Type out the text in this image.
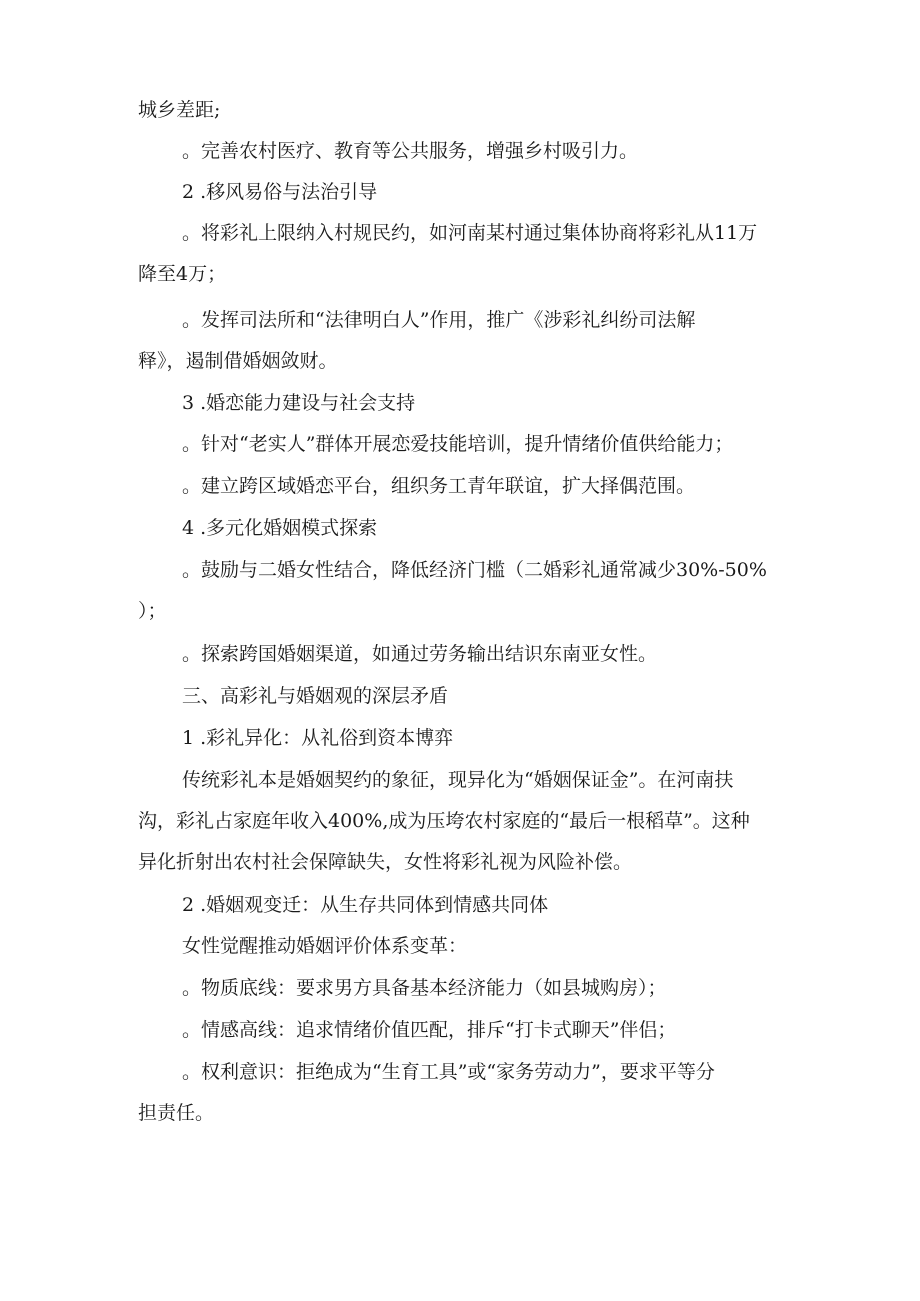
城乡差距;

。完善农村医疗、教育等公共服务，增强乡村吸引力。

2 .移风易俗与法治引导

。将彩礼上限纳入村规民约，如河南某村通过集体协商将彩礼从11万
降至4万；

。发挥司法所和“法律明白人”作用，推广《涉彩礼纠纷司法解
释》，遏制借婚姻敛财。

3 .婚恋能力建设与社会支持

。针对“老实人”群体开展恋爱技能培训，提升情绪价值供给能力；

。建立跨区域婚恋平台，组织务工青年联谊，扩大择偶范围。

4 .多元化婚姻模式探索

。鼓励与二婚女性结合，降低经济门槛（二婚彩礼通常减少30%-50%
）；

。探索跨国婚姻渠道，如通过劳务输出结识东南亚女性。

三、高彩礼与婚姻观的深层矛盾

1 .彩礼异化：从礼俗到资本博弈

传统彩礼本是婚姻契约的象征，现异化为“婚姻保证金”。在河南扶
沟，彩礼占家庭年收入400%,成为压垮农村家庭的“最后一根稻草”。这种
异化折射出农村社会保障缺失，女性将彩礼视为风险补偿。

2 .婚姻观变迁：从生存共同体到情感共同体

女性觉醒推动婚姻评价体系变革：

。物质底线：要求男方具备基本经济能力（如县城购房）；

。情感高线：追求情绪价值匹配，排斥“打卡式聊天”伴侣；

。权利意识：拒绝成为“生育工具”或“家务劳动力”，要求平等分
担责任。
